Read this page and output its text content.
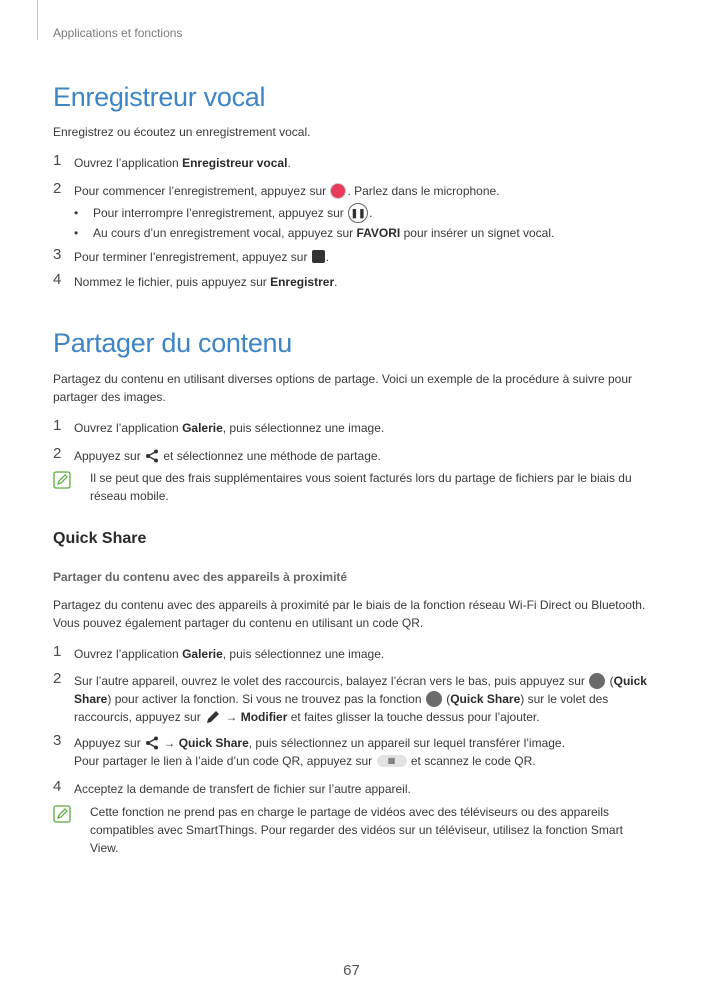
Applications et fonctions
Enregistreur vocal
Enregistrez ou écoutez un enregistrement vocal.
1 Ouvrez l’application Enregistreur vocal.
2 Pour commencer l’enregistrement, appuyez sur . Parlez dans le microphone.
• Pour interrompre l’enregistrement, appuyez sur ❚❚ .
• Au cours d’un enregistrement vocal, appuyez sur FAVORI pour insérer un signet vocal.
3 Pour terminer l’enregistrement, appuyez sur .
4 Nommez le fichier, puis appuyez sur Enregistrer.
Partager du contenu
Partagez du contenu en utilisant diverses options de partage. Voici un exemple de la procédure à suivre pour partager des images.
1 Ouvrez l’application Galerie, puis sélectionnez une image.
2 Appuyez sur  et sélectionnez une méthode de partage.
Il se peut que des frais supplémentaires vous soient facturés lors du partage de fichiers par le biais du réseau mobile.
Quick Share
Partager du contenu avec des appareils à proximité
Partagez du contenu avec des appareils à proximité par le biais de la fonction réseau Wi-Fi Direct ou Bluetooth. Vous pouvez également partager du contenu en utilisant un code QR.
1 Ouvrez l’application Galerie, puis sélectionnez une image.
2 Sur l’autre appareil, ouvrez le volet des raccourcis, balayez l’écran vers le bas, puis appuyez sur  (Quick Share) pour activer la fonction. Si vous ne trouvez pas la fonction  (Quick Share) sur le volet des raccourcis, appuyez sur  → Modifier et faites glisser la touche dessus pour l’ajouter.
3 Appuyez sur  → Quick Share, puis sélectionnez un appareil sur lequel transférer l’image.
Pour partager le lien à l’aide d’un code QR, appuyez sur ▦ et scannez le code QR.
4 Acceptez la demande de transfert de fichier sur l’autre appareil.
Cette fonction ne prend pas en charge le partage de vidéos avec des téléviseurs ou des appareils compatibles avec SmartThings. Pour regarder des vidéos sur un téléviseur, utilisez la fonction Smart View.
67
